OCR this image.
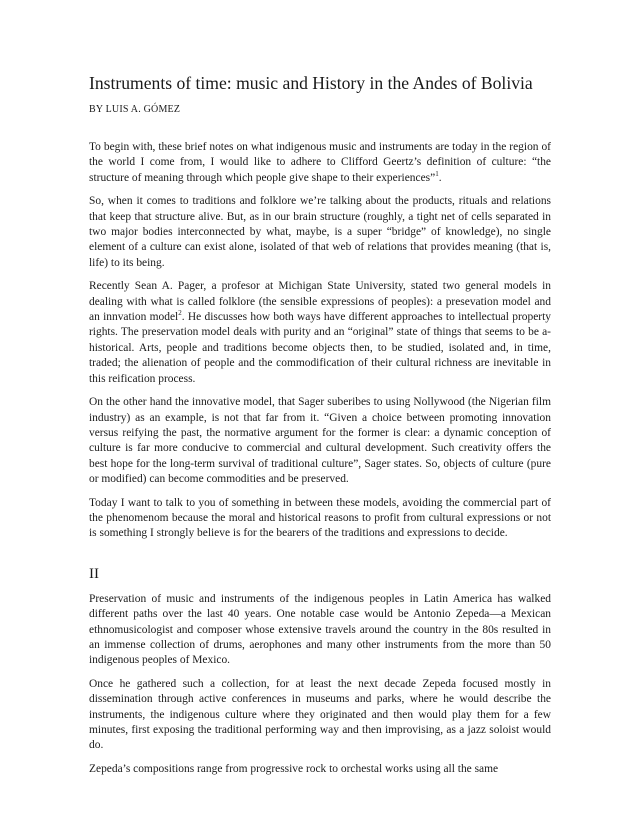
Instruments of time: music and History in the Andes of Bolivia
BY LUIS A. GÓMEZ

To begin with, these brief notes on what indigenous music and instruments are today in the region of the world I come from, I would like to adhere to Clifford Geertz’s definition of culture: “the structure of meaning through which people give shape to their experiences”$^1$.

So, when it comes to traditions and folklore we’re talking about the products, rituals and relations that keep that structure alive. But, as in our brain structure (roughly, a tight net of cells separated in two major bodies interconnected by what, maybe, is a super “bridge” of knowledge), no single element of a culture can exist alone, isolated of that web of relations that provides meaning (that is, life) to its being.

Recently Sean A. Pager, a profesor at Michigan State University, stated two general models in dealing with what is called folklore (the sensible expressions of peoples): a presevation model and an innvation model$^2$. He discusses how both ways have different approaches to intellectual property rights. The preservation model deals with purity and an “original” state of things that seems to be a-historical. Arts, people and traditions become objects then, to be studied, isolated and, in time, traded; the alienation of people and the commodification of their cultural richness are inevitable in this reification process.

On the other hand the innovative model, that Sager suberibes to using Nollywood (the Nigerian film industry) as an example, is not that far from it. “Given a choice between promoting innovation versus reifying the past, the normative argument for the former is clear: a dynamic conception of culture is far more conducive to commercial and cultural development. Such creativity offers the best hope for the long-term survival of traditional culture”, Sager states. So, objects of culture (pure or modified) can become commodities and be preserved.

Today I want to talk to you of something in between these models, avoiding the commercial part of the phenomenom because the moral and historical reasons to profit from cultural expressions or not is something I strongly believe is for the bearers of the traditions and expressions to decide.

II

Preservation of music and instruments of the indigenous peoples in Latin America has walked different paths over the last 40 years. One notable case would be Antonio Zepeda—a Mexican ethnomusicologist and composer whose extensive travels around the country in the 80s resulted in an immense collection of drums, aerophones and many other instruments from the more than 50 indigenous peoples of Mexico.

Once he gathered such a collection, for at least the next decade Zepeda focused mostly in dissemination through active conferences in museums and parks, where he would describe the instruments, the indigenous culture where they originated and then would play them for a few minutes, first exposing the traditional performing way and then improvising, as a jazz soloist would do.

Zepeda’s compositions range from progressive rock to orchestal works using all the same
